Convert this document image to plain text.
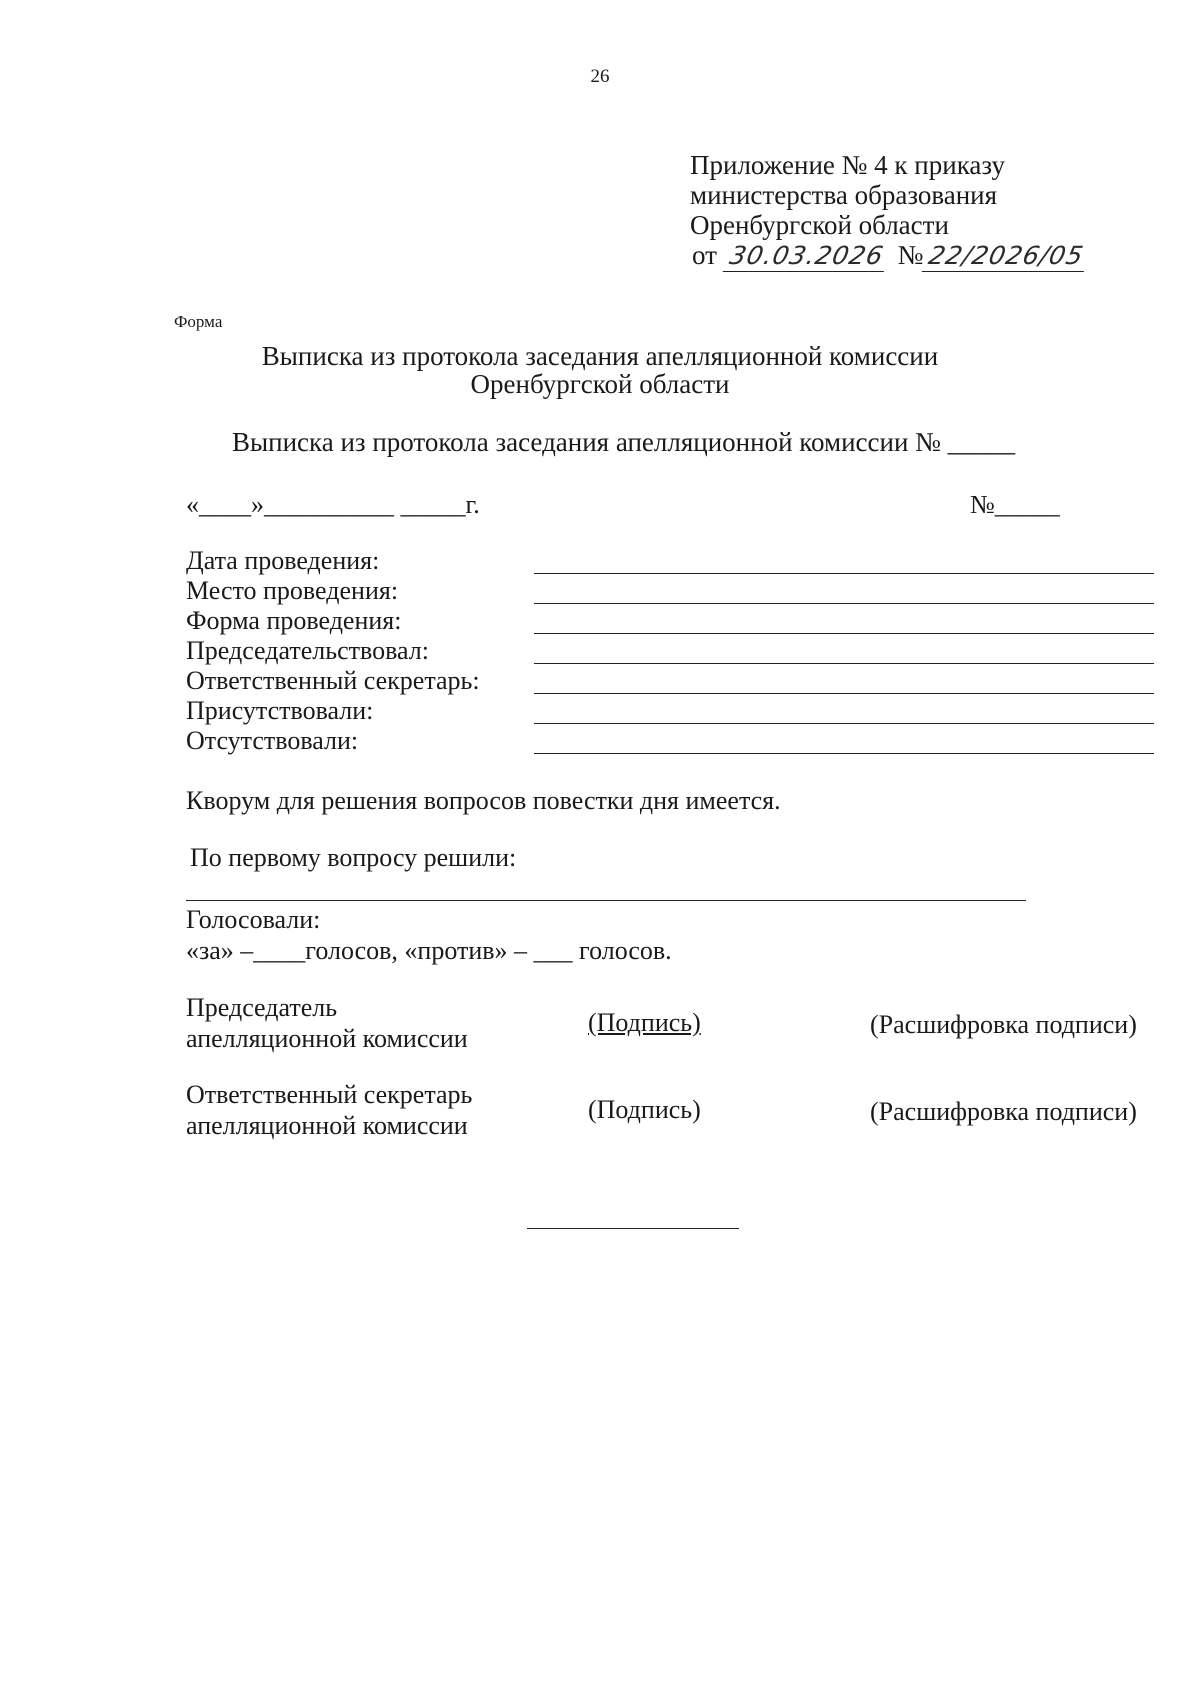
26
Приложение № 4 к приказу
министерства образования
Оренбургской области
от 30.03.2026 № 22/2026/05
Форма
Выписка из протокола заседания апелляционной комиссии
Оренбургской области
Выписка из протокола заседания апелляционной комиссии № _____
«____»__________ _____г.	№_____
Дата проведения:
Место проведения:
Форма проведения:
Председательствовал:
Ответственный секретарь:
Присутствовали:
Отсутствовали:
Кворум для решения вопросов повестки дня имеется.
По первому вопросу решили:
Голосовали:
«за» –____голосов, «против» – ___ голосов.
Председатель
апелляционной комиссии
(Подпись)	(Расшифровка подписи)
Ответственный секретарь
апелляционной комиссии
(Подпись)	(Расшифровка подписи)
